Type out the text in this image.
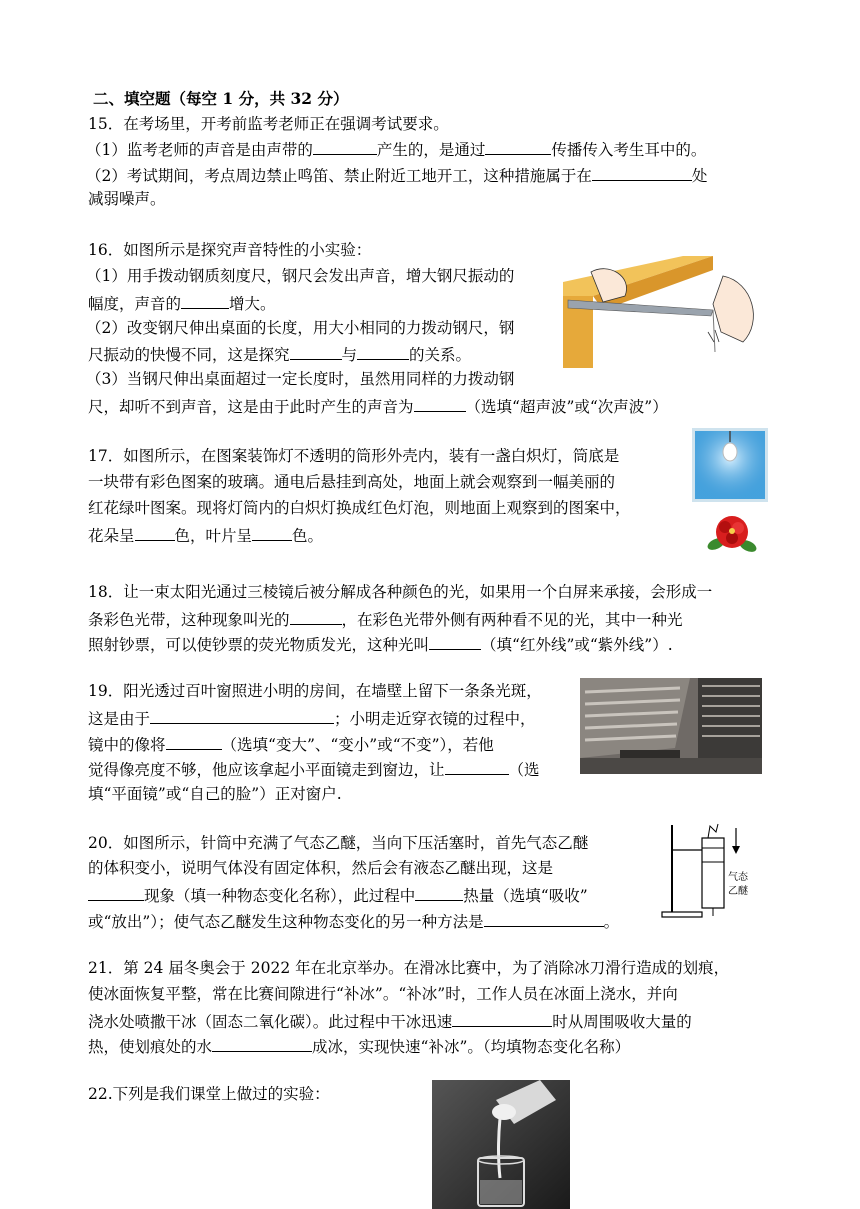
二、填空题（每空 1 分，共 32 分）
15．在考场里，开考前监考老师正在强调考试要求。
（1）监考老师的声音是由声带的	产生的，是通过	传播传入考生耳中的。
（2）考试期间，考点周边禁止鸣笛、禁止附近工地开工，这种措施属于在	处
减弱噪声。
16．如图所示是探究声音特性的小实验：
（1）用手拨动钢质刻度尺，钢尺会发出声音，增大钢尺振动的
幅度，声音的	增大。
（2）改变钢尺伸出桌面的长度，用大小相同的力拨动钢尺，钢
尺振动的快慢不同，这是探究	与	的关系。
（3）当钢尺伸出桌面超过一定长度时，虽然用同样的力拨动钢
尺，却听不到声音，这是由于此时产生的声音为	（选填“超声波”或“次声波”）
17．如图所示，在图案装饰灯不透明的筒形外壳内，装有一盏白炽灯，筒底是
一块带有彩色图案的玻璃。通电后悬挂到高处，地面上就会观察到一幅美丽的
红花绿叶图案。现将灯筒内的白炽灯换成红色灯泡，则地面上观察到的图案中，
花朵呈	色，叶片呈	色。
18．让一束太阳光通过三棱镜后被分解成各种颜色的光，如果用一个白屏来承接，会形成一
条彩色光带，这种现象叫光的	，在彩色光带外侧有两种看不见的光，其中一种光
照射钞票，可以使钞票的荧光物质发光，这种光叫	（填“红外线”或“紫外线”）.
19．阳光透过百叶窗照进小明的房间，在墙壁上留下一条条光斑，
这是由于	；小明走近穿衣镜的过程中，
镜中的像将	（选填“变大”、“变小”或“不变”），若他
觉得像亮度不够，他应该拿起小平面镜走到窗边，让	（选
填“平面镜”或“自己的脸”）正对窗户.
20．如图所示，针筒中充满了气态乙醚，当向下压活塞时，首先气态乙醚
的体积变小，说明气体没有固定体积，然后会有液态乙醚出现，这是
现象（填一种物态变化名称），此过程中	热量（选填“吸收”
或“放出”）；使气态乙醚发生这种物态变化的另一种方法是	。
气态
乙醚
21．第 24 届冬奥会于 2022 年在北京举办。在滑冰比赛中，为了消除冰刀滑行造成的划痕，
使冰面恢复平整，常在比赛间隙进行“补冰”。“补冰”时，工作人员在冰面上浇水，并向
浇水处喷撒干冰（固态二氧化碳）。此过程中干冰迅速	时从周围吸收大量的
热，使划痕处的水	成冰，实现快速“补冰”。（均填物态变化名称）
22.下列是我们课堂上做过的实验：
